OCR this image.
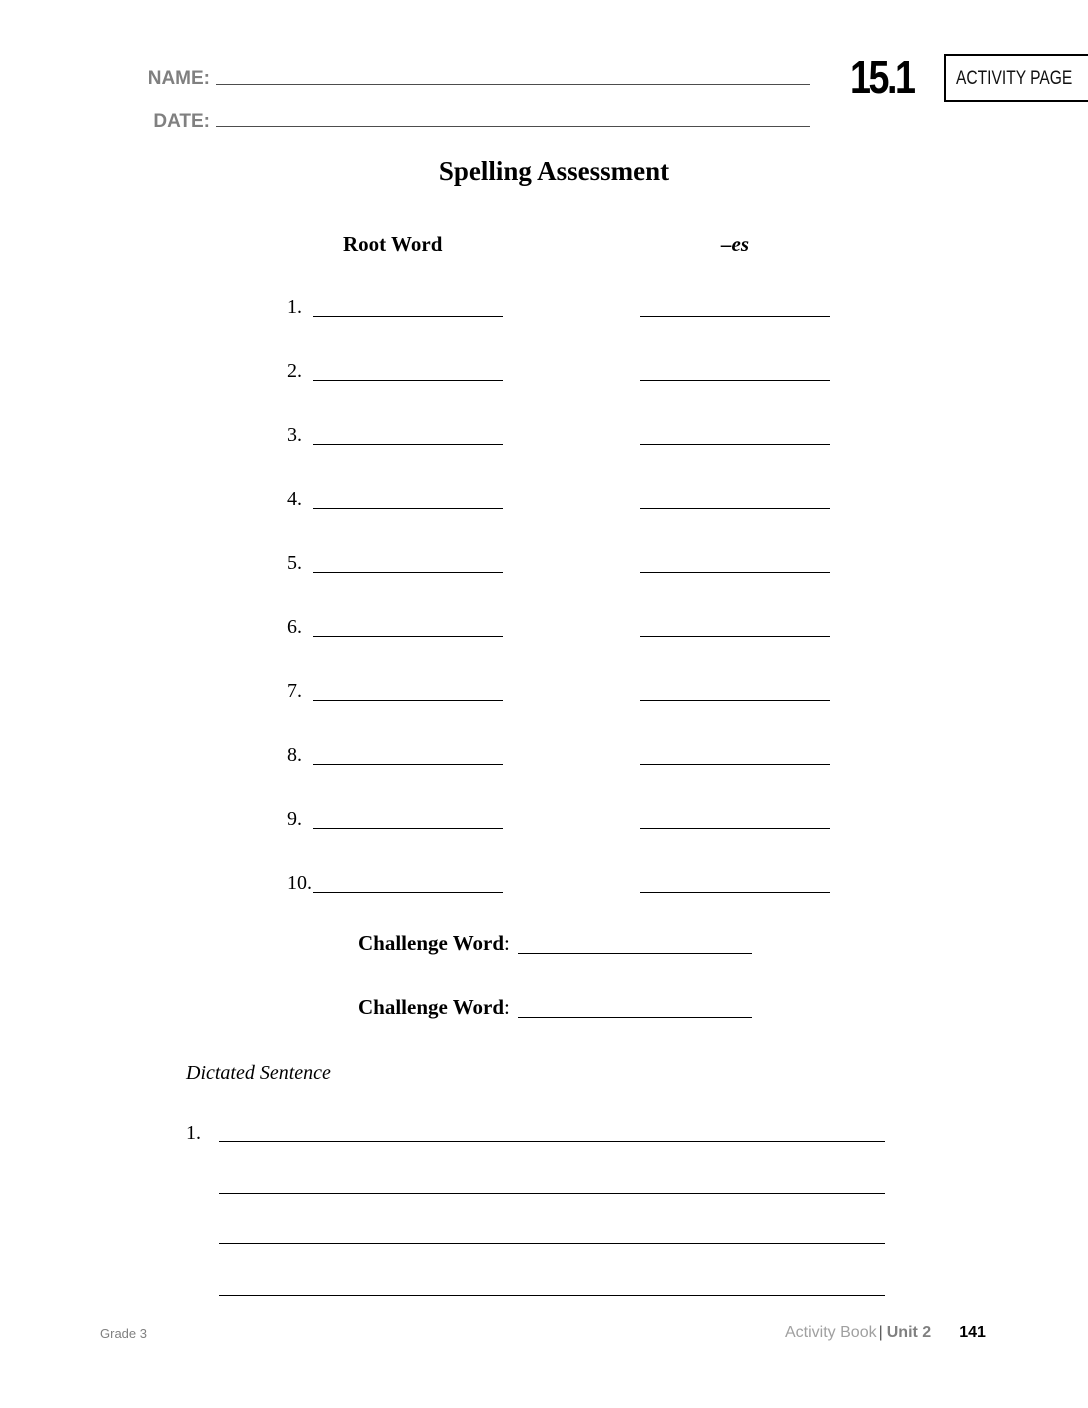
NAME:
DATE:
15.1 ACTIVITY PAGE
Spelling Assessment
Root Word	–es
1.
2.
3.
4.
5.
6.
7.
8.
9.
10.
Challenge Word:
Challenge Word:
Dictated Sentence
1.
Grade 3	Activity Book | Unit 2 141
